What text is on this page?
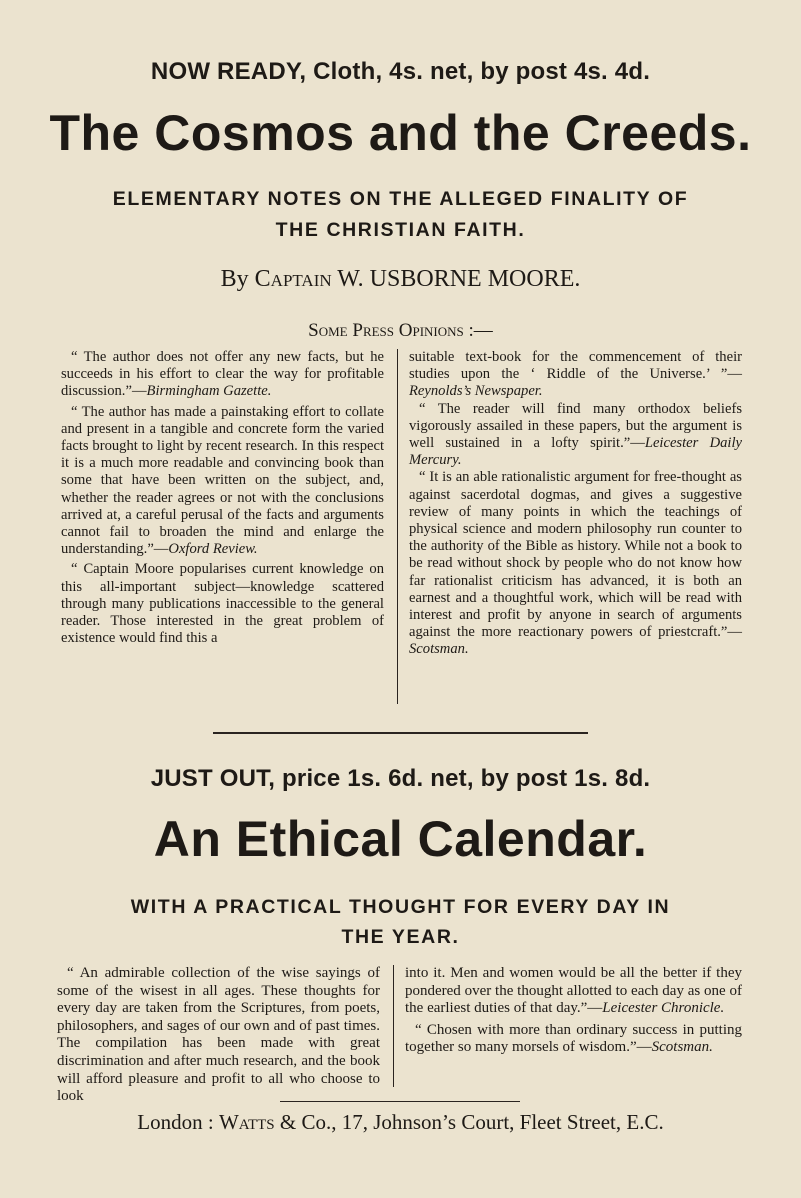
NOW READY, Cloth, 4s. net, by post 4s. 4d.
The Cosmos and the Creeds.
ELEMENTARY NOTES ON THE ALLEGED FINALITY OF
THE CHRISTIAN FAITH.
By Captain W. USBORNE MOORE.
Some Press Opinions :—

“ The author does not offer any new facts, but he succeeds in his effort to clear the way for profitable discussion.”—Birmingham Gazette.

“ The author has made a painstaking effort to collate and present in a tangible and concrete form the varied facts brought to light by recent research. In this respect it is a much more readable and convincing book than some that have been written on the subject, and, whether the reader agrees or not with the conclusions arrived at, a careful perusal of the facts and arguments cannot fail to broaden the mind and enlarge the understanding.”—Oxford Review.

“ Captain Moore popularises current knowledge on this all-important subject—knowledge scattered through many publications inaccessible to the general reader. Those interested in the great problem of existence would find this a

suitable text-book for the commencement of their studies upon the ‘ Riddle of the Universe.’ ”—Reynolds’s Newspaper.

“ The reader will find many orthodox beliefs vigorously assailed in these papers, but the argument is well sustained in a lofty spirit.”—Leicester Daily Mercury.

“ It is an able rationalistic argument for free-thought as against sacerdotal dogmas, and gives a suggestive review of many points in which the teachings of physical science and modern philosophy run counter to the authority of the Bible as history. While not a book to be read without shock by people who do not know how far rationalist criticism has advanced, it is both an earnest and a thoughtful work, which will be read with interest and profit by anyone in search of arguments against the more reactionary powers of priestcraft.”—Scotsman.

JUST OUT, price 1s. 6d. net, by post 1s. 8d.
An Ethical Calendar.
WITH A PRACTICAL THOUGHT FOR EVERY DAY IN
THE YEAR.

“ An admirable collection of the wise sayings of some of the wisest in all ages. These thoughts for every day are taken from the Scriptures, from poets, philosophers, and sages of our own and of past times. The compilation has been made with great discrimination and after much research, and the book will afford pleasure and profit to all who choose to look

into it. Men and women would be all the better if they pondered over the thought allotted to each day as one of the earliest duties of that day.”—Leicester Chronicle.

“ Chosen with more than ordinary success in putting together so many morsels of wisdom.”—Scotsman.

London : Watts & Co., 17, Johnson’s Court, Fleet Street, E.C.
